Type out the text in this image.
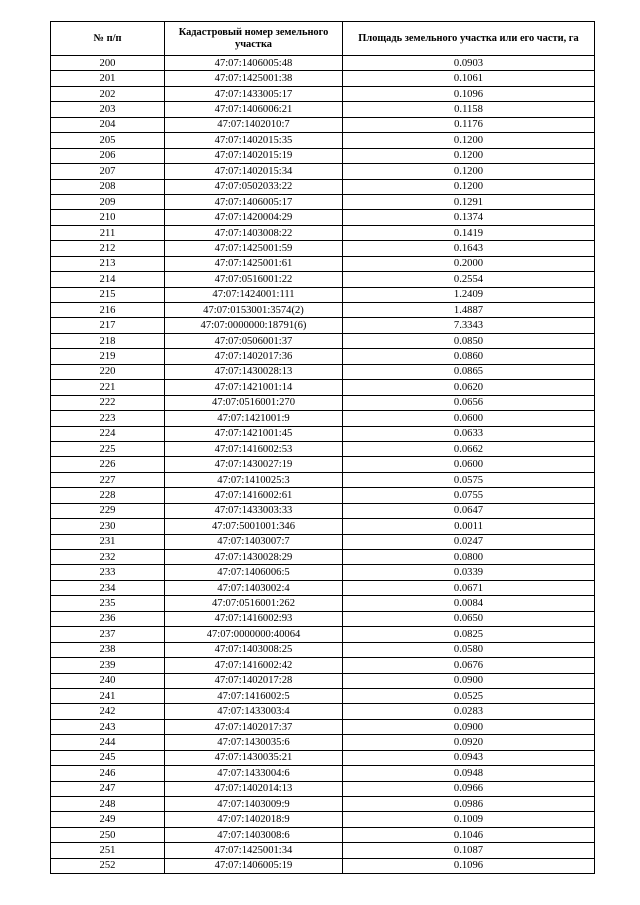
№ п/п	Кадастровый номер земельного участка	Площадь земельного участка или его части, га
200	47:07:1406005:48	0.0903
201	47:07:1425001:38	0.1061
202	47:07:1433005:17	0.1096
203	47:07:1406006:21	0.1158
204	47:07:1402010:7	0.1176
205	47:07:1402015:35	0.1200
206	47:07:1402015:19	0.1200
207	47:07:1402015:34	0.1200
208	47:07:0502033:22	0.1200
209	47:07:1406005:17	0.1291
210	47:07:1420004:29	0.1374
211	47:07:1403008:22	0.1419
212	47:07:1425001:59	0.1643
213	47:07:1425001:61	0.2000
214	47:07:0516001:22	0.2554
215	47:07:1424001:111	1.2409
216	47:07:0153001:3574(2)	1.4887
217	47:07:0000000:18791(6)	7.3343
218	47:07:0506001:37	0.0850
219	47:07:1402017:36	0.0860
220	47:07:1430028:13	0.0865
221	47:07:1421001:14	0.0620
222	47:07:0516001:270	0.0656
223	47:07:1421001:9	0.0600
224	47:07:1421001:45	0.0633
225	47:07:1416002:53	0.0662
226	47:07:1430027:19	0.0600
227	47:07:1410025:3	0.0575
228	47:07:1416002:61	0.0755
229	47:07:1433003:33	0.0647
230	47:07:5001001:346	0.0011
231	47:07:1403007:7	0.0247
232	47:07:1430028:29	0.0800
233	47:07:1406006:5	0.0339
234	47:07:1403002:4	0.0671
235	47:07:0516001:262	0.0084
236	47:07:1416002:93	0.0650
237	47:07:0000000:40064	0.0825
238	47:07:1403008:25	0.0580
239	47:07:1416002:42	0.0676
240	47:07:1402017:28	0.0900
241	47:07:1416002:5	0.0525
242	47:07:1433003:4	0.0283
243	47:07:1402017:37	0.0900
244	47:07:1430035:6	0.0920
245	47:07:1430035:21	0.0943
246	47:07:1433004:6	0.0948
247	47:07:1402014:13	0.0966
248	47:07:1403009:9	0.0986
249	47:07:1402018:9	0.1009
250	47:07:1403008:6	0.1046
251	47:07:1425001:34	0.1087
252	47:07:1406005:19	0.1096
